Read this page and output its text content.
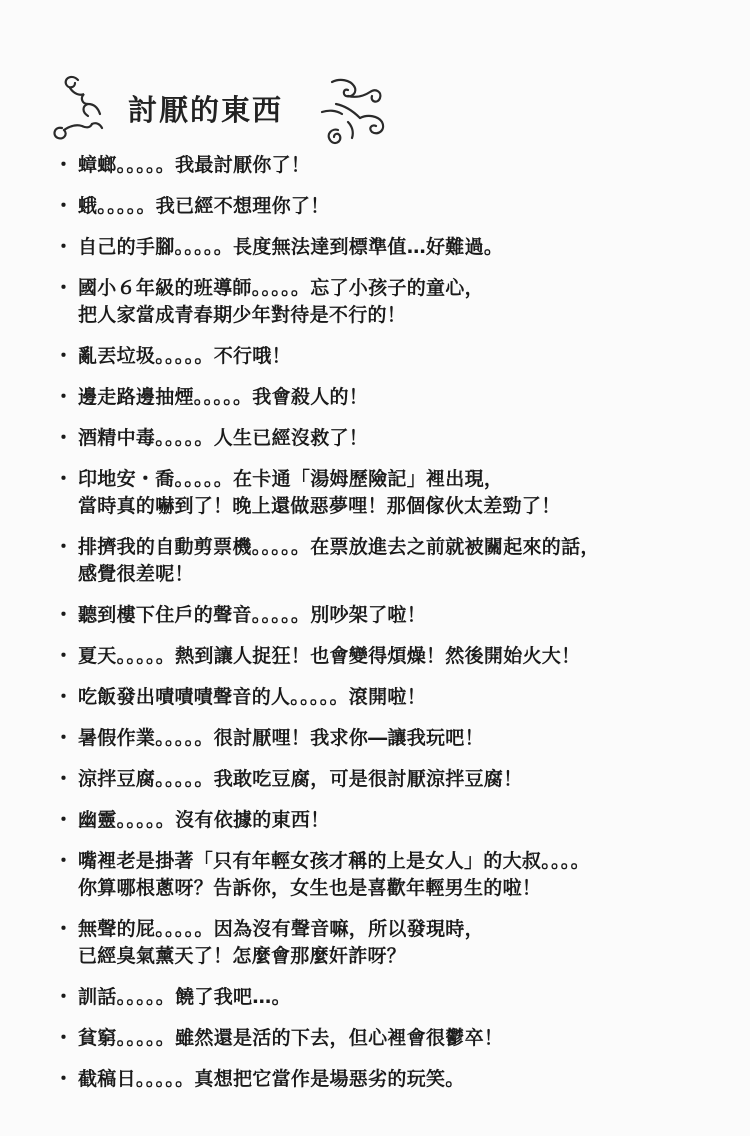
討厭的東西
・ 蟑螂。。。。。我最討厭你了！
・ 蛾。。。。。我已經不想理你了！
・ 自己的手腳。。。。。長度無法達到標準值…好難過。
・ 國小６年級的班導師。。。。。忘了小孩子的童心，
把人家當成青春期少年對待是不行的！
・ 亂丟垃圾。。。。。不行哦！
・ 邊走路邊抽煙。。。。。我會殺人的！
・ 酒精中毒。。。。。人生已經沒救了！
・ 印地安・喬。。。。。在卡通「湯姆歷險記」裡出現，
當時真的嚇到了！晚上還做惡夢哩！那個傢伙太差勁了！
・ 排擠我的自動剪票機。。。。。在票放進去之前就被關起來的話，
感覺很差呢！
・ 聽到樓下住戶的聲音。。。。。別吵架了啦！
・ 夏天。。。。。熱到讓人捉狂！也會變得煩燥！然後開始火大！
・ 吃飯發出嘖嘖嘖聲音的人。。。。。滾開啦！
・ 暑假作業。。。。。很討厭哩！我求你―讓我玩吧！
・ 涼拌豆腐。。。。。我敢吃豆腐，可是很討厭涼拌豆腐！
・ 幽靈。。。。。沒有依據的東西！
・ 嘴裡老是掛著「只有年輕女孩才稱的上是女人」的大叔。。。。
你算哪根蔥呀？告訴你，女生也是喜歡年輕男生的啦！
・ 無聲的屁。。。。。因為沒有聲音嘛，所以發現時，
已經臭氣薰天了！怎麼會那麼奸詐呀？
・ 訓話。。。。。饒了我吧…。
・ 貧窮。。。。。雖然還是活的下去，但心裡會很鬱卒！
・ 截稿日。。。。。真想把它當作是場惡劣的玩笑。
